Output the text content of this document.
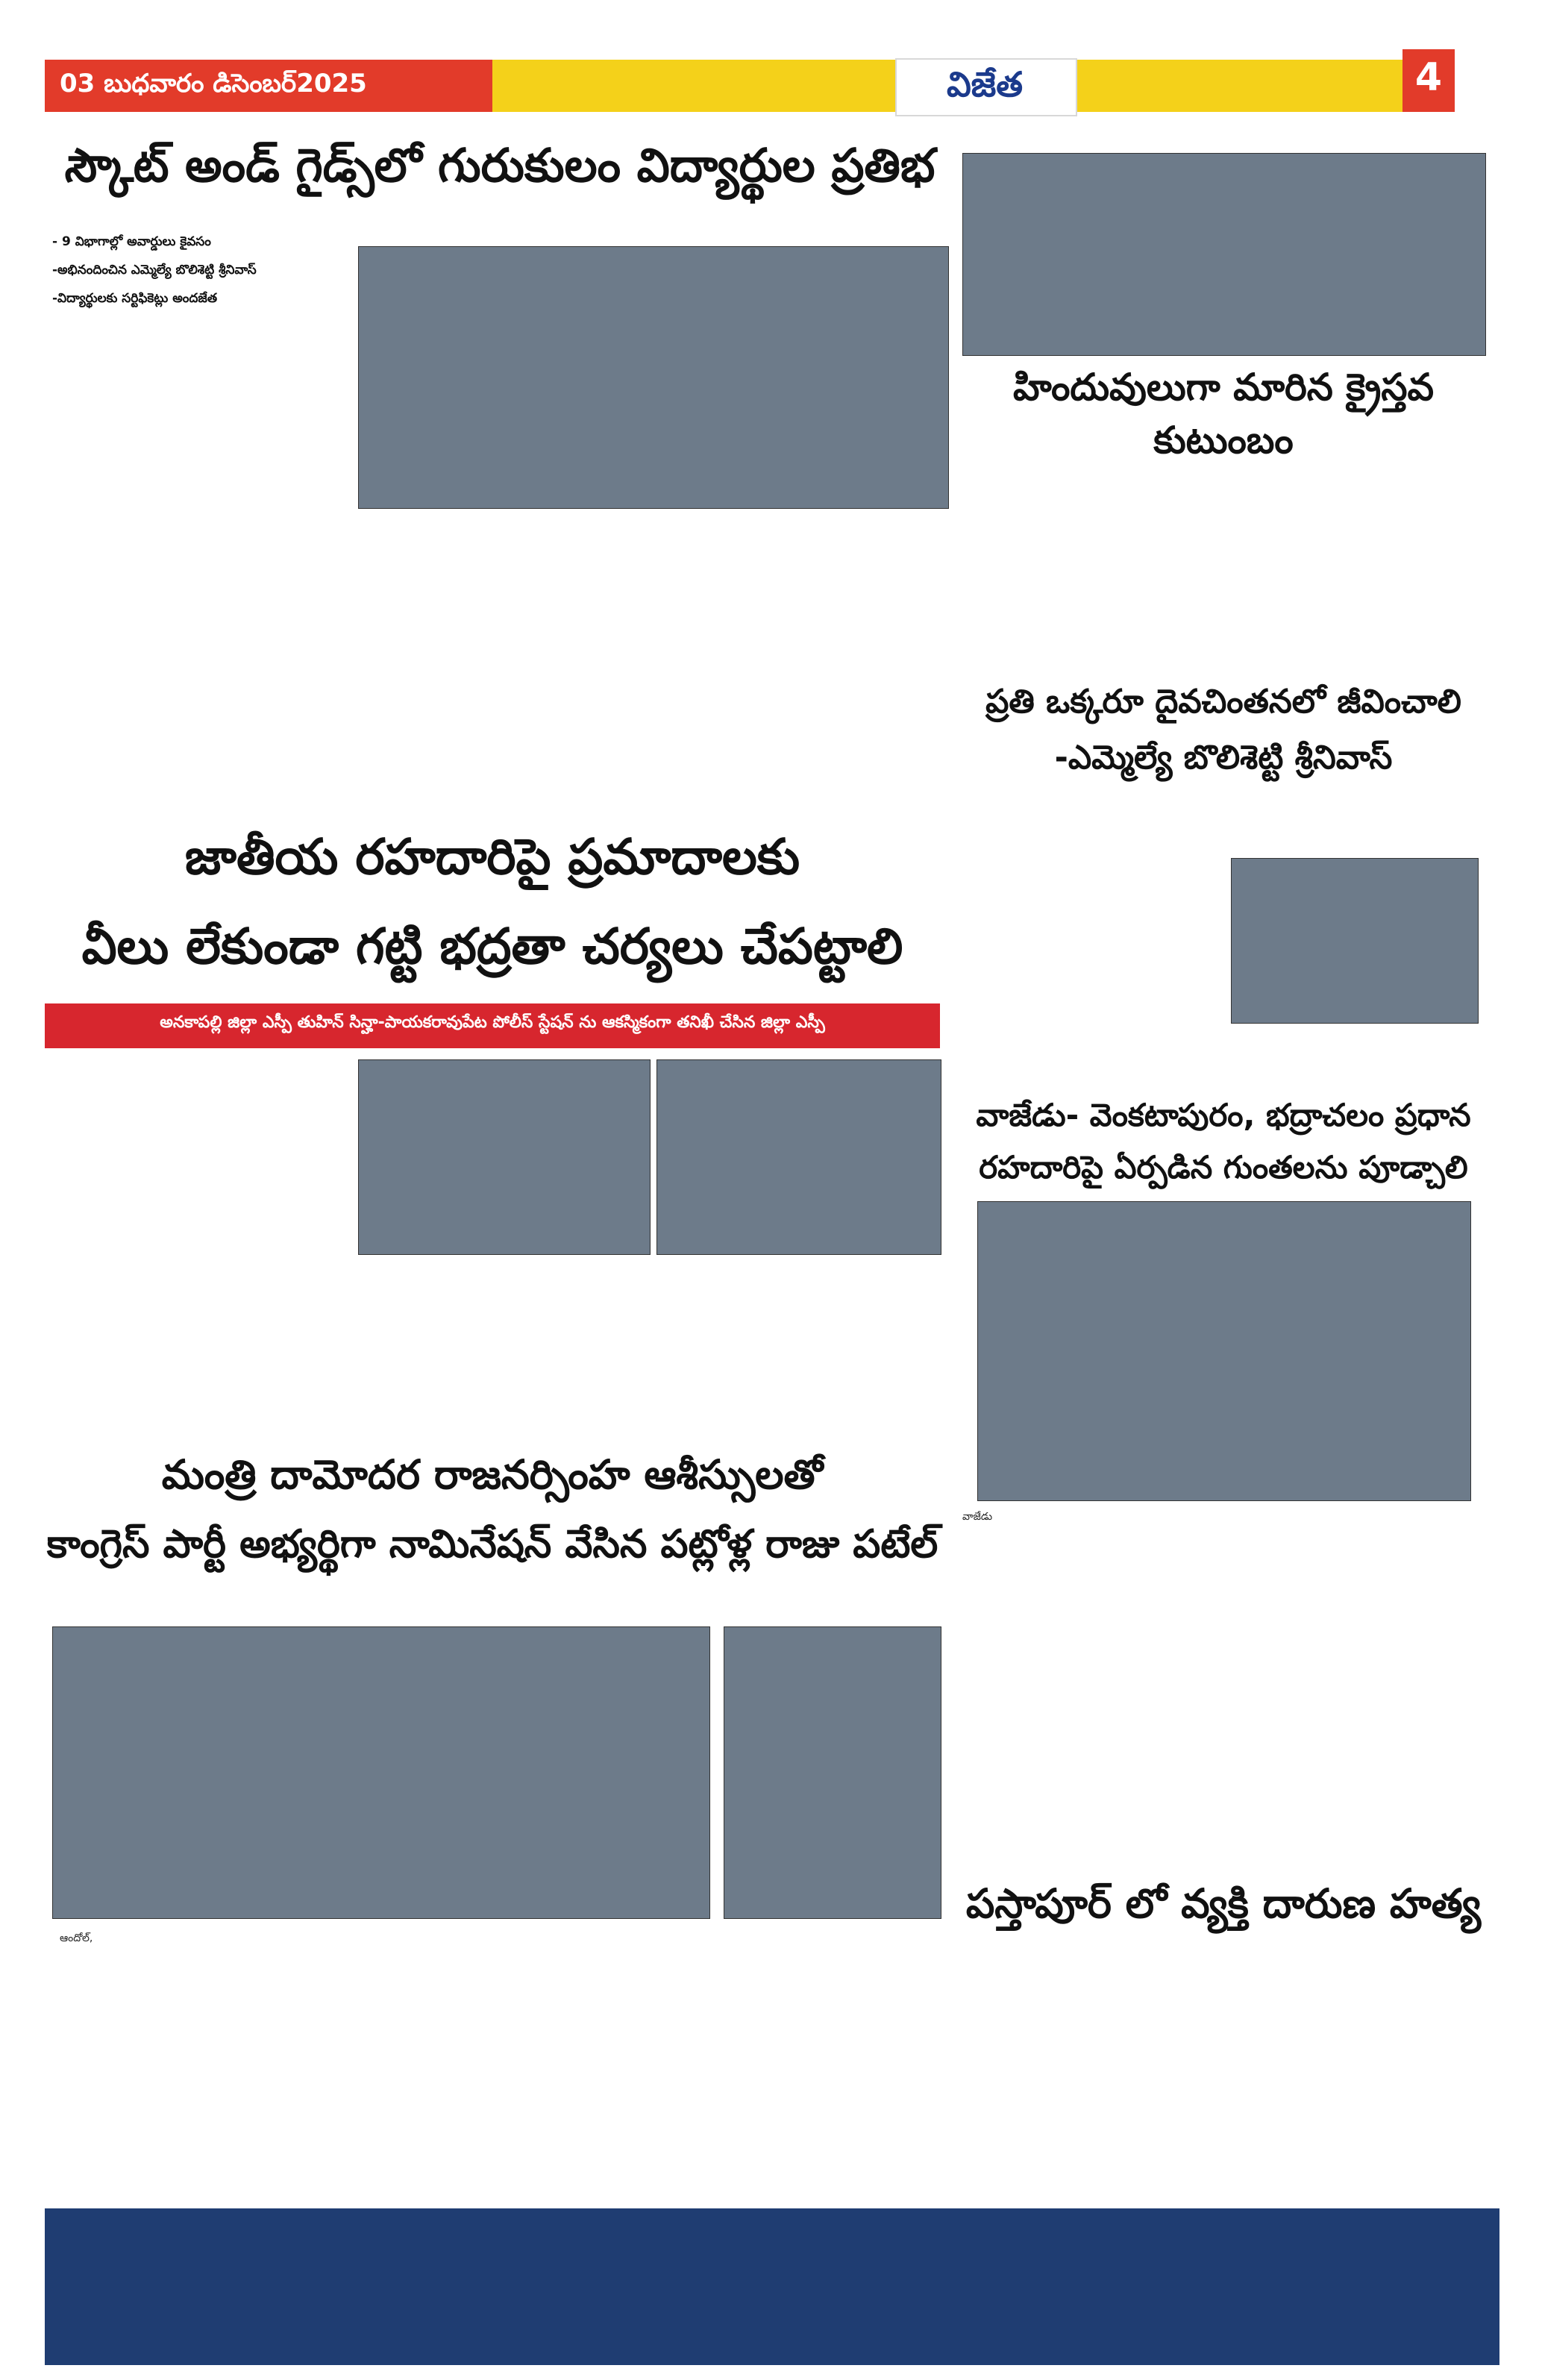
03 బుధవారం డిసెంబర్2025	విజేత	4
స్కౌట్ అండ్ గైడ్స్‌లో గురుకులం విద్యార్థుల ప్రతిభ
- 9 విభాగాల్లో అవార్డులు కైవసం
-అభినందించిన ఎమ్మెల్యే బొలిశెట్టి శ్రీనివాస్
-విద్యార్థులకు సర్టిఫికెట్లు అందజేత
హిందువులుగా మారిన క్రైస్తవ కుటుంబం
ప్రతి ఒక్కరూ దైవచింతనలో జీవించాలి
-ఎమ్మెల్యే బొలిశెట్టి శ్రీనివాస్
జాతీయ రహదారిపై ప్రమాదాలకు
వీలు లేకుండా గట్టి భద్రతా చర్యలు చేపట్టాలి
అనకాపల్లి జిల్లా ఎస్పీ తుహిన్ సిన్హా-పాయకరావుపేట పోలీస్ స్టేషన్ ను ఆకస్మికంగా తనిఖీ చేసిన జిల్లా ఎస్పీ
వాజేడు- వెంకటాపురం, భద్రాచలం ప్రధాన
రహదారిపై ఏర్పడిన గుంతలను పూడ్చాలి
వాజేడు
మంత్రి దామోదర రాజనర్సింహ ఆశీస్సులతో
కాంగ్రెస్ పార్టీ అభ్యర్థిగా నామినేషన్ వేసిన పట్లోళ్ల రాజు పటేల్
ఆందోల్,
పస్తాపూర్ లో వ్యక్తి దారుణ హత్య
